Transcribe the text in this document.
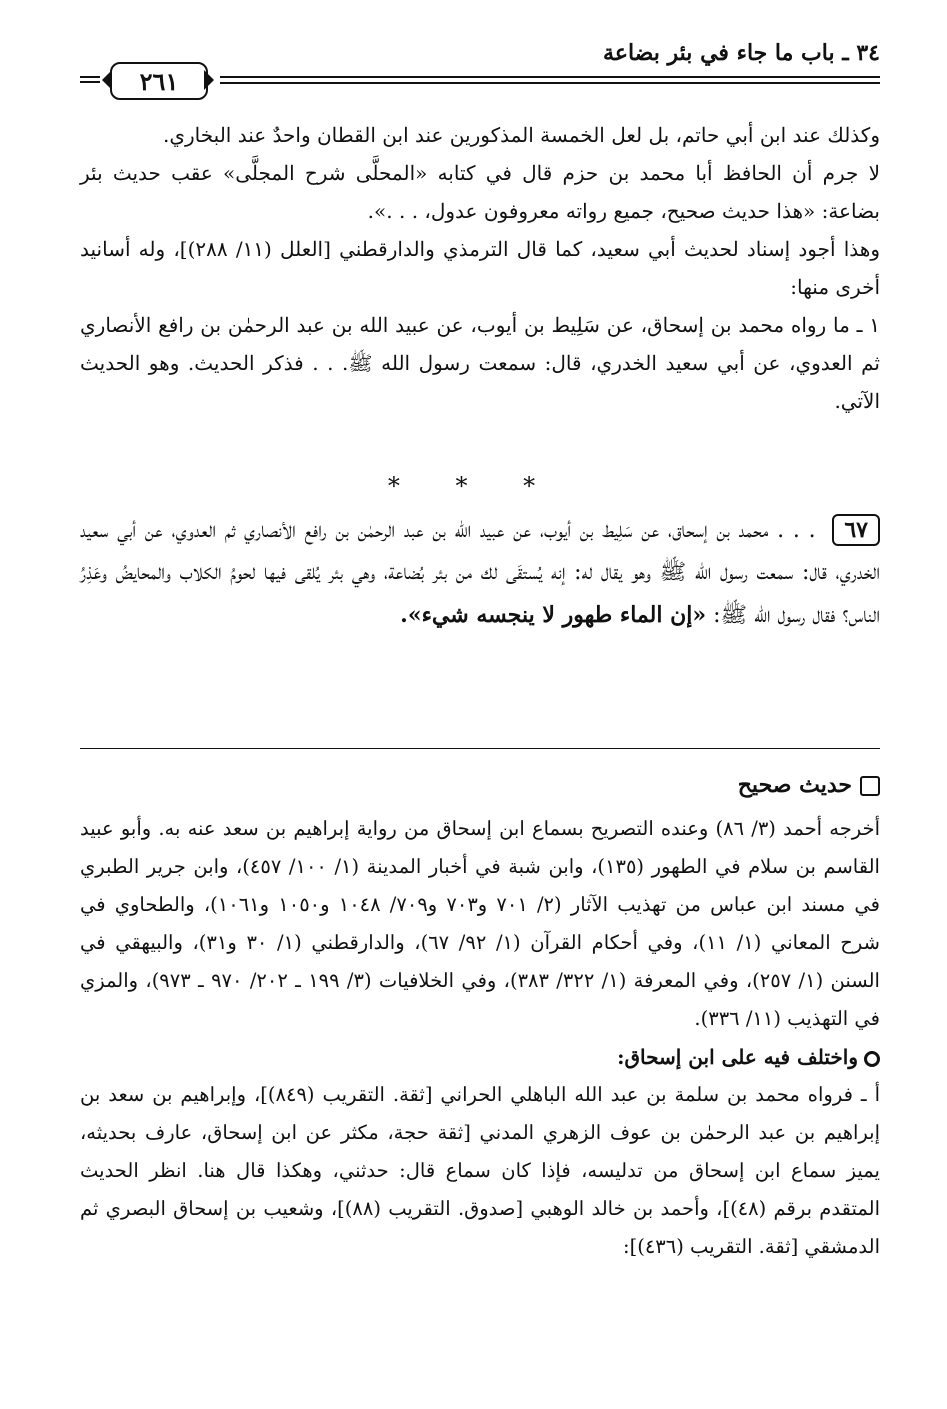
٣٤ ـ باب ما جاء في بئر بضاعة
٢٦١

وكذلك عند ابن أبي حاتم، بل لعل الخمسة المذكورين عند ابن القطان واحدٌ عند البخاري.

لا جرم أن الحافظ أبا محمد بن حزم قال في كتابه «المحلَّى شرح المجلَّى» عقب حديث بئر بضاعة: «هذا حديث صحيح، جميع رواته معروفون عدول، . . .».

وهذا أجود إسناد لحديث أبي سعيد، كما قال الترمذي والدارقطني [العلل (١١/ ٢٨٨)]، وله أسانيد أخرى منها:

١ ـ ما رواه محمد بن إسحاق، عن سَلِيط بن أيوب، عن عبيد الله بن عبد الرحمٰن بن رافع الأنصاري ثم العدوي، عن أبي سعيد الخدري، قال: سمعت رسول الله ﷺ. . . فذكر الحديث. وهو الحديث الآتي.

* * *

٦٧ . . . محمد بن إسحاق، عن سَلِيط بن أيوب، عن عبيد الله بن عبد الرحمٰن بن رافع الأنصاري ثم العدوي، عن أبي سعيد الخدري، قال: سمعت رسول الله ﷺ وهو يقال له: إنه يُستقَى لك من بئر بُضاعة، وهي بئر يُلقى فيها لحومُ الكلاب والمحايضُ وعَذِرُ الناس؟ فقال رسول الله ﷺ: «إن الماء طهور لا ينجسه شيء».

حديث صحيح

أخرجه أحمد (٣/ ٨٦) وعنده التصريح بسماع ابن إسحاق من رواية إبراهيم بن سعد عنه به. وأبو عبيد القاسم بن سلام في الطهور (١٣٥)، وابن شبة في أخبار المدينة (١/ ١٠٠/ ٤٥٧)، وابن جرير الطبري في مسند ابن عباس من تهذيب الآثار (٢/ ٧٠١ و٧٠٣ و٧٠٩/ ١٠٤٨ و١٠٥٠ و١٠٦١)، والطحاوي في شرح المعاني (١/ ١١)، وفي أحكام القرآن (١/ ٩٢/ ٦٧)، والدارقطني (١/ ٣٠ و٣١)، والبيهقي في السنن (١/ ٢٥٧)، وفي المعرفة (١/ ٣٢٢/ ٣٨٣)، وفي الخلافيات (٣/ ١٩٩ ـ ٢٠٢/ ٩٧٠ ـ ٩٧٣)، والمزي في التهذيب (١١/ ٣٣٦).

واختلف فيه على ابن إسحاق:

أ ـ فرواه محمد بن سلمة بن عبد الله الباهلي الحراني [ثقة. التقريب (٨٤٩)]، وإبراهيم بن سعد بن إبراهيم بن عبد الرحمٰن بن عوف الزهري المدني [ثقة حجة، مكثر عن ابن إسحاق، عارف بحديثه، يميز سماع ابن إسحاق من تدليسه، فإذا كان سماع قال: حدثني، وهكذا قال هنا. انظر الحديث المتقدم برقم (٤٨)]، وأحمد بن خالد الوهبي [صدوق. التقريب (٨٨)]، وشعيب بن إسحاق البصري ثم الدمشقي [ثقة. التقريب (٤٣٦)]:
